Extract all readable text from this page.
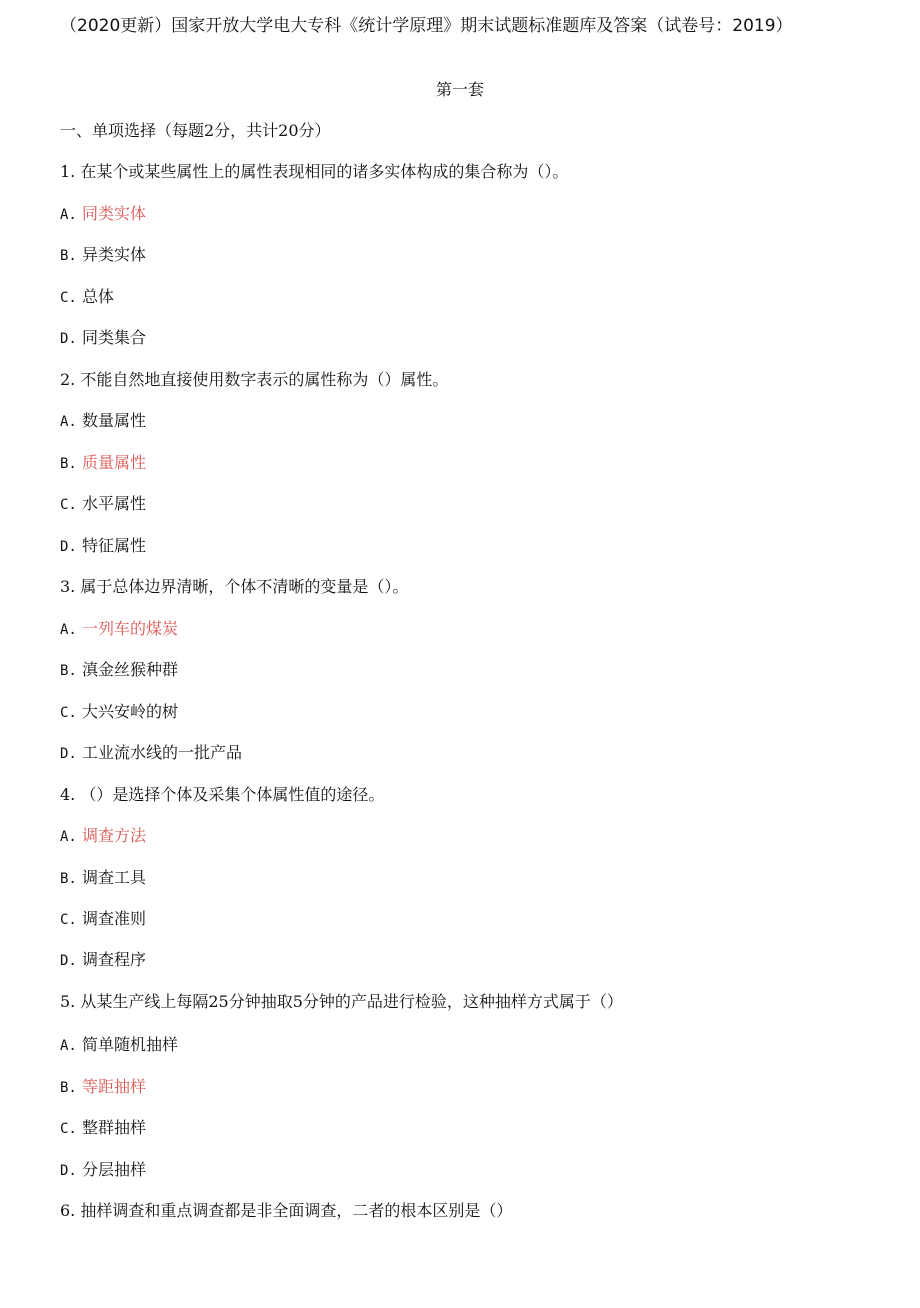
（2020更新）国家开放大学电大专科《统计学原理》期末试题标准题库及答案（试卷号：2019）
第一套
一、单项选择（每题2分，共计20分）
1. 在某个或某些属性上的属性表现相同的诸多实体构成的集合称为（）。
A. 同类实体
B. 异类实体
C. 总体
D. 同类集合
2. 不能自然地直接使用数字表示的属性称为（）属性。
A. 数量属性
B. 质量属性
C. 水平属性
D. 特征属性
3. 属于总体边界清晰，个体不清晰的变量是（）。
A. 一列车的煤炭
B. 滇金丝猴种群
C. 大兴安岭的树
D. 工业流水线的一批产品
4. （）是选择个体及采集个体属性值的途径。
A. 调查方法
B. 调查工具
C. 调查准则
D. 调查程序
5. 从某生产线上每隔25分钟抽取5分钟的产品进行检验，这种抽样方式属于（）
A. 简单随机抽样
B. 等距抽样
C. 整群抽样
D. 分层抽样
6. 抽样调查和重点调查都是非全面调查，二者的根本区别是（）
